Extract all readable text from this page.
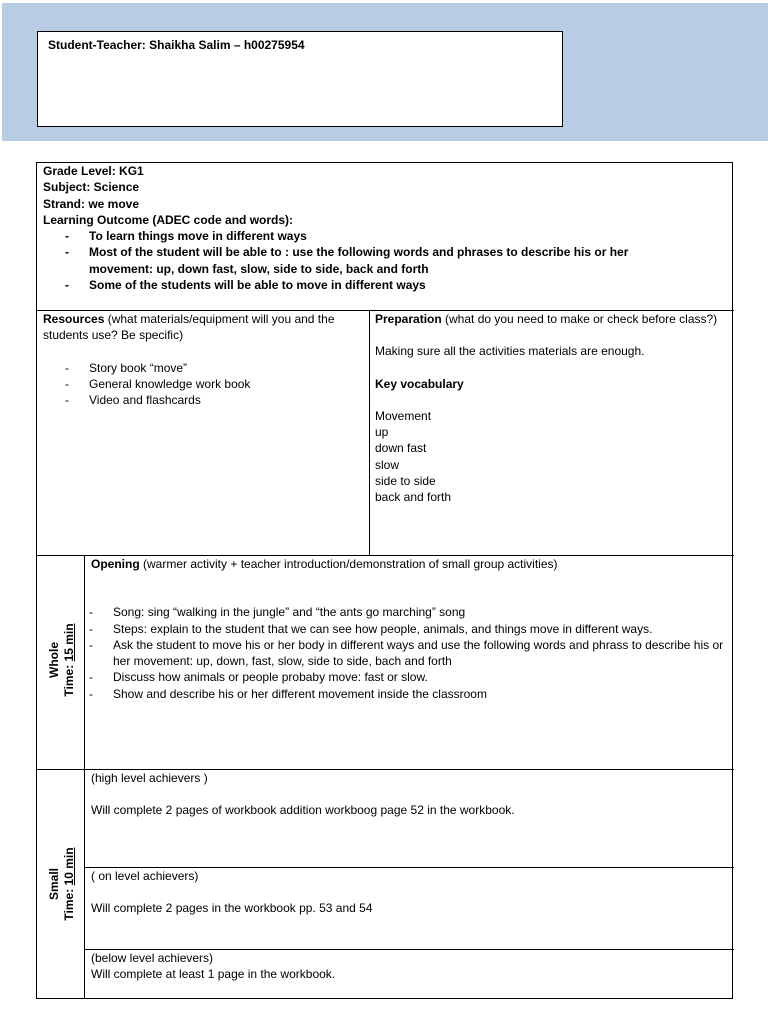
Student-Teacher: Shaikha Salim – h00275954
Grade Level: KG1
Subject: Science
Strand: we move
Learning Outcome (ADEC code and words):
- To learn things move in different ways
- Most of the student will be able to : use the following words and phrases to describe his or her movement: up, down fast, slow, side to side, back and forth
- Some of the students will be able to move in different ways
Resources (what materials/equipment will you and the students use? Be specific)
- Story book “move”
- General knowledge work book
- Video and flashcards
Preparation (what do you need to make or check before class?)
Making sure all the activities materials are enough.
Key vocabulary
Movement
up
down fast
slow
side to side
back and forth
Whole
Time: 15 min
Opening (warmer activity + teacher introduction/demonstration of small group activities)
- Song: sing “walking in the jungle” and “the ants go marching” song
- Steps: explain to the student that we can see how people, animals, and things move in different ways.
- Ask the student to move his or her body in different ways and use the following words and phrass to describe his or her movement: up, down, fast, slow, side to side, bach and forth
- Discuss how animals or people probaby move: fast or slow.
- Show and describe his or her different movement inside the classroom
Small
Time: 10 min
(high level achievers )
Will complete 2 pages of workbook addition workboog page 52 in the workbook.
( on level achievers)
Will complete 2 pages in the workbook pp. 53 and 54
(below level achievers)
Will complete at least 1 page in the workbook.
